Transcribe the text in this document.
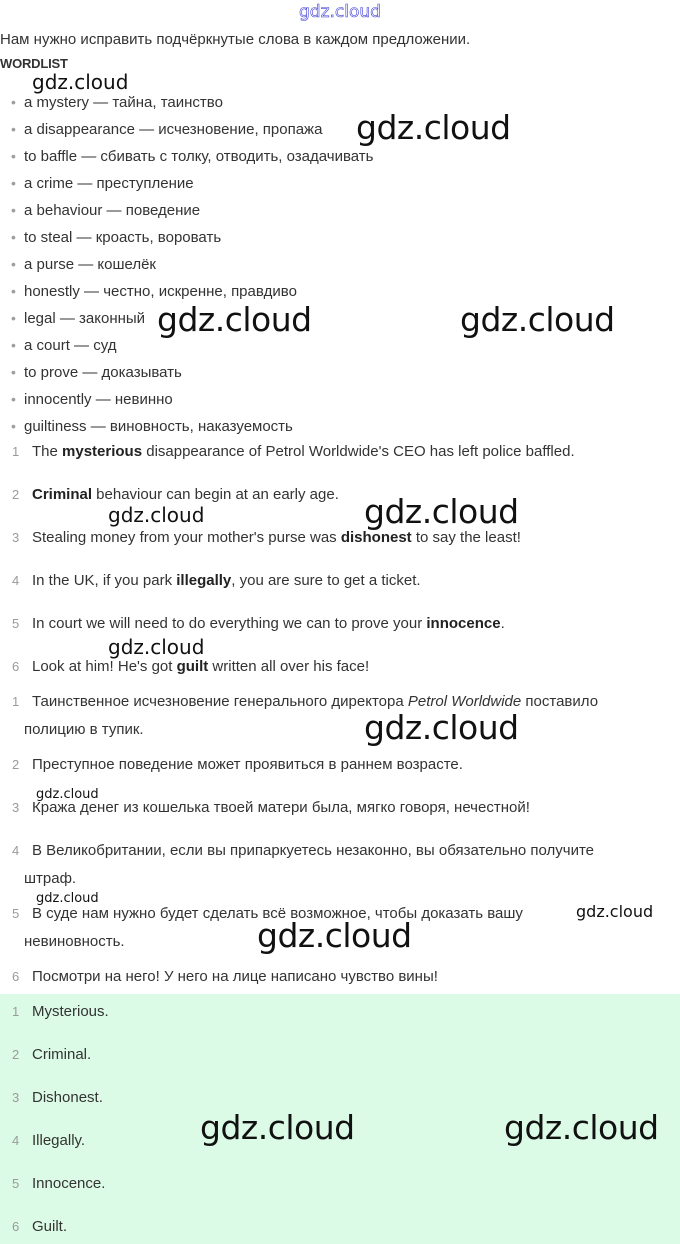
gdz.cloud
Нам нужно исправить подчёркнутые слова в каждом предложении.
WORDLIST
• a mystery — тайна, таинство
• a disappearance — исчезновение, пропажа
• to baffle — сбивать с толку, отводить, озадачивать
• a crime — преступление
• a behaviour — поведение
• to steal — кроасть, воровать
• a purse — кошелёк
• honestly — честно, искренне, правдиво
• legal — законный
• a court — суд
• to prove — доказывать
• innocently — невинно
• guiltiness — виновность, наказуемость
1 The mysterious disappearance of Petrol Worldwide's CEO has left police baffled.
2 Criminal behaviour can begin at an early age.
3 Stealing money from your mother's purse was dishonest to say the least!
4 In the UK, if you park illegally, you are sure to get a ticket.
5 In court we will need to do everything we can to prove your innocence.
6 Look at him! He's got guilt written all over his face!
1 Таинственное исчезновение генерального директора Petrol Worldwide поставило
полицию в тупик.
2 Преступное поведение может проявиться в раннем возрасте.
3 Кража денег из кошелька твоей матери была, мягко говоря, нечестной!
4 В Великобритании, если вы припаркуетесь незаконно, вы обязательно получите
штраф.
5 В суде нам нужно будет сделать всё возможное, чтобы доказать вашу
невиновность.
6 Посмотри на него! У него на лице написано чувство вины!
1 Mysterious.
2 Criminal.
3 Dishonest.
4 Illegally.
5 Innocence.
6 Guilt.
gdz.cloud
gdz.cloud
gdz.cloud	gdz.cloud
gdz.cloud	gdz.cloud
gdz.cloud
gdz.cloud
gdz.cloud
gdz.cloud
gdz.cloud
gdz.cloud
gdz.cloud	gdz.cloud
